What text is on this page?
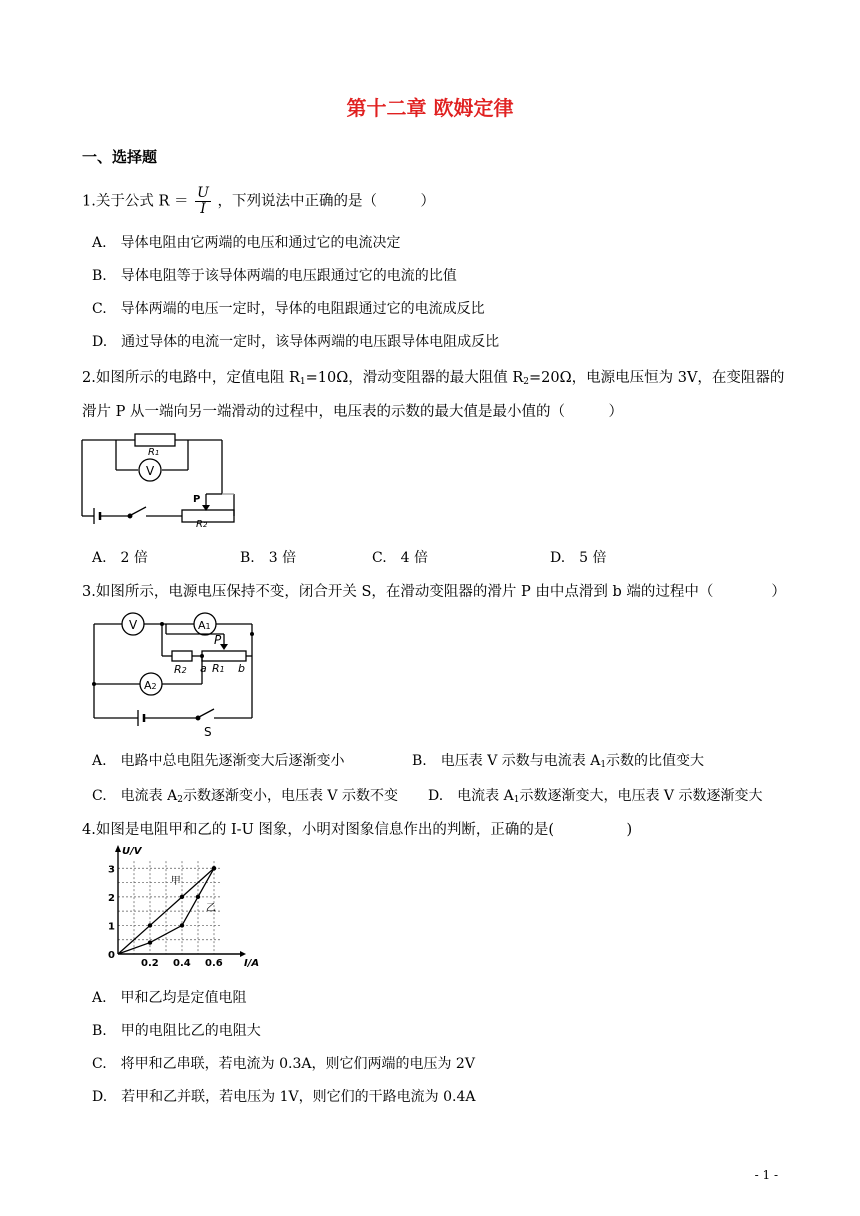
第十二章 欧姆定律
一、选择题
1.关于公式 $R = \frac{U}{I}$ ，下列说法中正确的是（　　　）
A.　导体电阻由它两端的电压和通过它的电流决定
B.　导体电阻等于该导体两端的电压跟通过它的电流的比值
C.　导体两端的电压一定时，导体的电阻跟通过它的电流成反比
D.　通过导体的电流一定时，该导体两端的电压跟导体电阻成反比
2.如图所示的电路中，定值电阻 $R_1=10\Omega$，滑动变阻器的最大阻值 $R_2=20\Omega$，电源电压恒为 3V，在变阻器的
滑片 P 从一端向另一端滑动的过程中，电压表的示数的最大值是最小值的（　　　）
R1
V
P
R2
A.　2 倍	B.　3 倍	C.　4 倍	D.　5 倍
3.如图所示，电源电压保持不变，闭合开关 S，在滑动变阻器的滑片 P 由中点滑到 b 端的过程中（　　　　）
V	A1
A2
P
R2 a R1 b
S
A.　电路中总电阻先逐渐变大后逐渐变小	B.　电压表 V 示数与电流表 $A_1$示数的比值变大
C.　电流表 $A_2$示数逐渐变小，电压表 V 示数不变 D.　电流表 $A_1$示数逐渐变大，电压表 V 示数逐渐变大
4.如图是电阻甲和乙的 I-U 图象，小明对图象信息作出的判断，正确的是(　　　　　)
0.2 0.4 0.6
1
2
3
0
I/A
U/V
甲
乙
A.　甲和乙均是定值电阻
B.　甲的电阻比乙的电阻大
C.　将甲和乙串联，若电流为 0.3A，则它们两端的电压为 2V
D.　若甲和乙并联，若电压为 1V，则它们的干路电流为 0.4A
- 1 -
